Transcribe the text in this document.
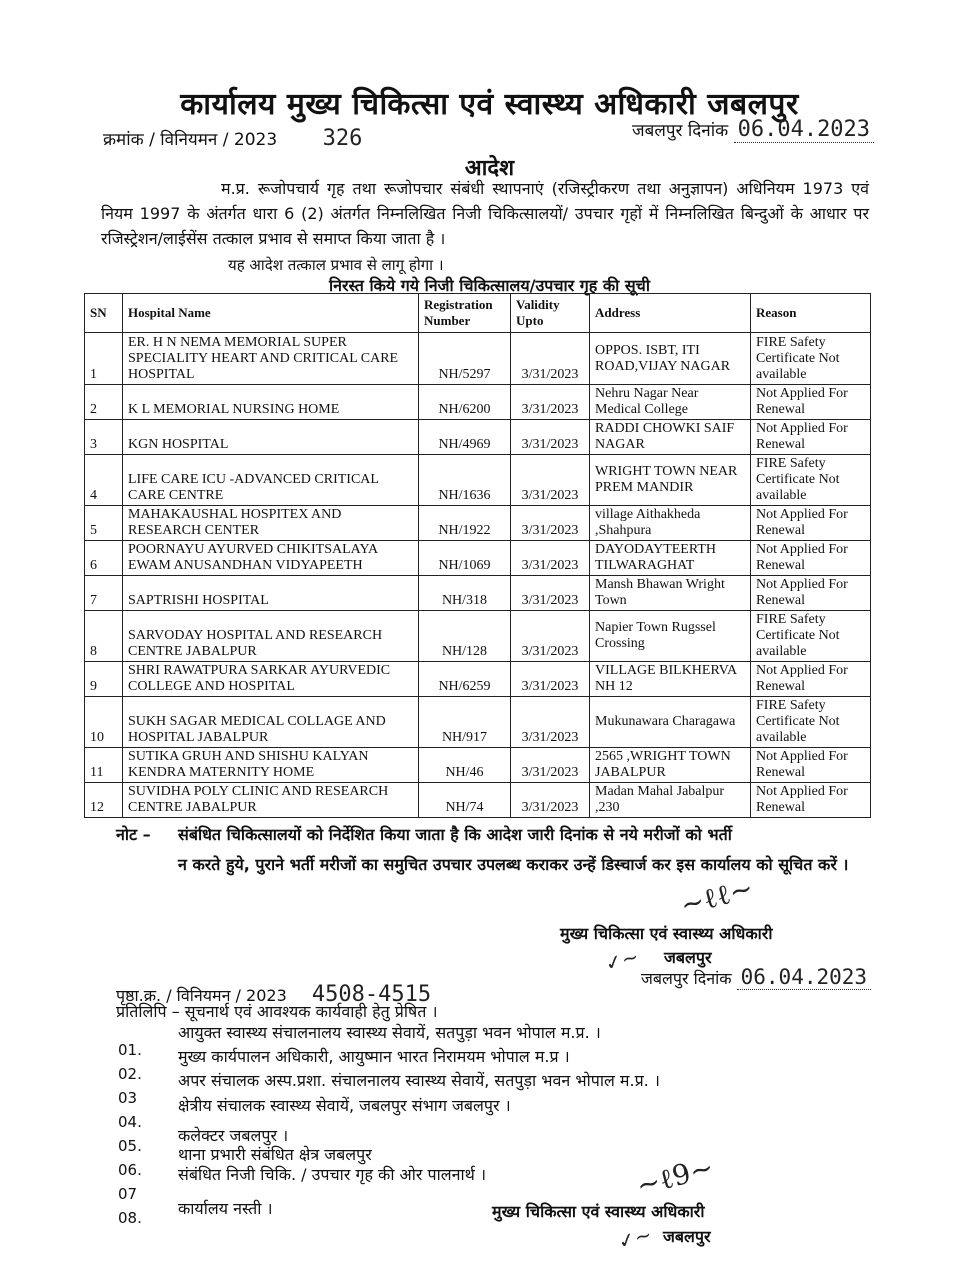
कार्यालय मुख्य चिकित्सा एवं स्वास्थ्य अधिकारी जबलपुर
क्रमांक / विनियमन / 2023 326	जबलपुर दिनांक 06.04.2023
आदेश
म.प्र. रूजोपचार्य गृह तथा रूजोपचार संबंधी स्थापनाएं (रजिस्ट्रीकरण तथा अनुज्ञापन) अधिनियम 1973 एवं नियम 1997 के अंतर्गत धारा 6 (2) अंतर्गत निम्नलिखित निजी चिकित्सालयों/ उपचार गृहों में निम्नलिखित बिन्दुओं के आधार पर रजिस्ट्रेशन/लाईसेंस तत्काल प्रभाव से समाप्त किया जाता है ।
यह आदेश तत्काल प्रभाव से लागू होगा ।
निरस्त किये गये निजी चिकित्सालय/उपचार गृह की सूची
SN	Hospital Name	Registration Number	Validity Upto	Address	Reason
1	ER. H N NEMA MEMORIAL SUPER SPECIALITY HEART AND CRITICAL CARE HOSPITAL	NH/5297	3/31/2023	OPPOS. ISBT, ITI ROAD,VIJAY NAGAR	FIRE Safety Certificate Not available
2	K L MEMORIAL NURSING HOME	NH/6200	3/31/2023	Nehru Nagar Near Medical College	Not Applied For Renewal
3	KGN HOSPITAL	NH/4969	3/31/2023	RADDI CHOWKI SAIF NAGAR	Not Applied For Renewal
4	LIFE CARE ICU -ADVANCED CRITICAL CARE CENTRE	NH/1636	3/31/2023	WRIGHT TOWN NEAR PREM MANDIR	FIRE Safety Certificate Not available
5	MAHAKAUSHAL HOSPITEX AND RESEARCH CENTER	NH/1922	3/31/2023	village Aithakheda ,Shahpura	Not Applied For Renewal
6	POORNAYU AYURVED CHIKITSALAYA EWAM ANUSANDHAN VIDYAPEETH	NH/1069	3/31/2023	DAYODAYTEERTH TILWARAGHAT	Not Applied For Renewal
7	SAPTRISHI HOSPITAL	NH/318	3/31/2023	Mansh Bhawan Wright Town	Not Applied For Renewal
8	SARVODAY HOSPITAL AND RESEARCH CENTRE JABALPUR	NH/128	3/31/2023	Napier Town Rugssel Crossing	FIRE Safety Certificate Not available
9	SHRI RAWATPURA SARKAR AYURVEDIC COLLEGE AND HOSPITAL	NH/6259	3/31/2023	VILLAGE BILKHERVA NH 12	Not Applied For Renewal
10	SUKH SAGAR MEDICAL COLLAGE AND HOSPITAL JABALPUR	NH/917	3/31/2023	Mukunawara Charagawa	FIRE Safety Certificate Not available
11	SUTIKA GRUH AND SHISHU KALYAN KENDRA MATERNITY HOME	NH/46	3/31/2023	2565 ,WRIGHT TOWN JABALPUR	Not Applied For Renewal
12	SUVIDHA POLY CLINIC AND RESEARCH CENTRE JABALPUR	NH/74	3/31/2023	Madan Mahal Jabalpur ,230	Not Applied For Renewal
नोट – संबंधित चिकित्सालयों को निर्देशित किया जाता है कि आदेश जारी दिनांक से नये मरीजों को भर्ती
न करते हुये, पुराने भर्ती मरीजों का समुचित उपचार उपलब्ध कराकर उन्हें डिस्चार्ज कर इस कार्यालय को सूचित करें ।
~ℓℓ~
मुख्य चिकित्सा एवं स्वास्थ्य अधिकारी
✓~ जबलपुर
जबलपुर दिनांक 06.04.2023
पृष्ठा.क्र. / विनियमन / 2023 4508-4515
प्रतिलिपि – सूचनार्थ एवं आवश्यक कार्यवाही हेतु प्रेषित ।
01.
आयुक्त स्वास्थ्य संचालनालय स्वास्थ्य सेवायें, सतपुड़ा भवन भोपाल म.प्र. ।
02.
मुख्य कार्यपालन अधिकारी, आयुष्मान भारत निरामयम भोपाल म.प्र ।
03
अपर संचालक अस्प.प्रशा. संचालनालय स्वास्थ्य सेवायें, सतपुड़ा भवन भोपाल म.प्र. ।
04.
क्षेत्रीय संचालक स्वास्थ्य सेवायें, जबलपुर संभाग जबलपुर ।
05.
कलेक्टर जबलपुर ।
06.
थाना प्रभारी संबंधित क्षेत्र जबलपुर
07
संबंधित निजी चिकि. / उपचार गृह की ओर पालनार्थ ।
08. कार्यालय नस्ती ।
~ℓ9~
मुख्य चिकित्सा एवं स्वास्थ्य अधिकारी
✓~ जबलपुर
